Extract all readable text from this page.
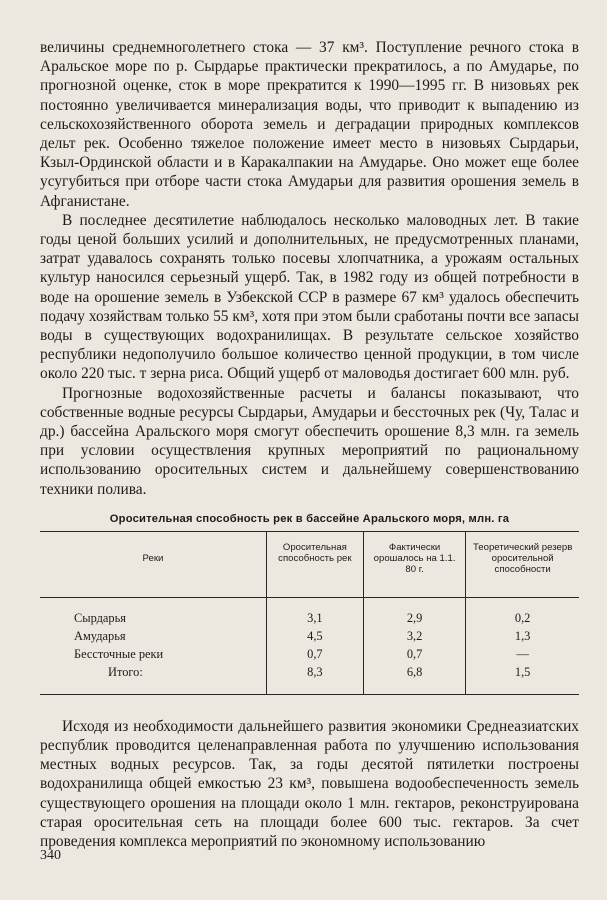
величины среднемноголетнего стока — 37 км³. Поступление речного стока в Аральское море по р. Сырдарье практически прекратилось, а по Амударье, по прогнозной оценке, сток в море прекратится к 1990—1995 гг. В низовьях рек постоянно увеличивается минерализация воды, что приводит к выпадению из сельскохозяйственного оборота земель и деградации природных комплексов дельт рек. Особенно тяжелое положение имеет место в низовьях Сырдарьи, Кзыл-Ординской области и в Каракалпакии на Амударье. Оно может еще более усугубиться при отборе части стока Амударьи для развития орошения земель в Афганистане.

В последнее десятилетие наблюдалось несколько маловодных лет. В такие годы ценой больших усилий и дополнительных, не предусмотренных планами, затрат удавалось сохранять только посевы хлопчатника, а урожаям остальных культур наносился серьезный ущерб. Так, в 1982 году из общей потребности в воде на орошение земель в Узбекской ССР в размере 67 км³ удалось обеспечить подачу хозяйствам только 55 км³, хотя при этом были сработаны почти все запасы воды в существующих водохранилищах. В результате сельское хозяйство республики недополучило большое количество ценной продукции, в том числе около 220 тыс. т зерна риса. Общий ущерб от маловодья достигает 600 млн. руб.

Прогнозные водохозяйственные расчеты и балансы показывают, что собственные водные ресурсы Сырдарьи, Амударьи и бессточных рек (Чу, Талас и др.) бассейна Аральского моря смогут обеспечить орошение 8,3 млн. га земель при условии осуществления крупных мероприятий по рациональному использованию оросительных систем и дальнейшему совершенствованию техники полива.

Оросительная способность рек в бассейне Аральского моря, млн. га

Реки	Оросительная способность рек	Фактически орошалось на 1.1. 80 г.	Теоретический резерв оросительной способности
Сырдарья	3,1	2,9	0,2
Амударья	4,5	3,2	1,3
Бессточные реки	0,7	0,7	—
Итого:	8,3	6,8	1,5

Исходя из необходимости дальнейшего развития экономики Среднеазиатских республик проводится целенаправленная работа по улучшению использования местных водных ресурсов. Так, за годы десятой пятилетки построены водохранилища общей емкостью 23 км³, повышена водообеспеченность земель существующего орошения на площади около 1 млн. гектаров, реконструирована старая оросительная сеть на площади более 600 тыс. гектаров. За счет проведения комплекса мероприятий по экономному использованию

340
